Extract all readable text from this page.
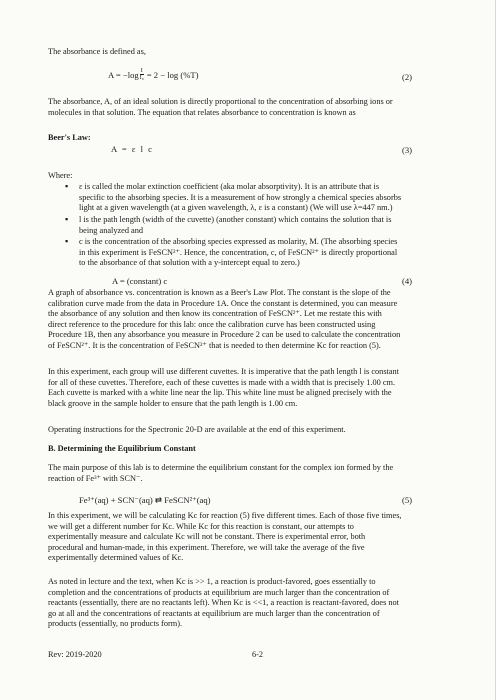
The absorbance is defined as,
$A = -\log \frac{I}{\text{I₀}} = 2 - \log (\%T)$	(2)

The absorbance, A, of an ideal solution is directly proportional to the concentration of absorbing ions or

molecules in that solution. The equation that relates absorbance to concentration is known as

Beer's Law:
A = ε l c	(3)
Where:
▪ ε is called the molar extinction coefficient (aka molar absorptivity). It is an attribute that is

specific to the absorbing species. It is a measurement of how strongly a chemical species absorbs

light at a given wavelength (at a given wavelength, λ, ε is a constant) (We will use λ=447 nm.)

▪ l is the path length (width of the cuvette) (another constant) which contains the solution that is

being analyzed and

▪ c is the concentration of the absorbing species expressed as molarity, M. (The absorbing species

in this experiment is FeSCN²⁺. Hence, the concentration, c, of FeSCN²⁺ is directly proportional

to the absorbance of that solution with a y-intercept equal to zero.)

A = (constant) c	(4)

A graph of absorbance vs. concentration is known as a Beer's Law Plot. The constant is the slope of the

calibration curve made from the data in Procedure 1A. Once the constant is determined, you can measure

the absorbance of any solution and then know its concentration of FeSCN²⁺. Let me restate this with

direct reference to the procedure for this lab: once the calibration curve has been constructed using

Procedure 1B, then any absorbance you measure in Procedure 2 can be used to calculate the concentration

of FeSCN²⁺. It is the concentration of FeSCN²⁺ that is needed to then determine Kc for reaction (5).

In this experiment, each group will use different cuvettes. It is imperative that the path length l is constant

for all of these cuvettes. Therefore, each of these cuvettes is made with a width that is precisely 1.00 cm.

Each cuvette is marked with a white line near the lip. This white line must be aligned precisely with the

black groove in the sample holder to ensure that the path length is 1.00 cm.

Operating instructions for the Spectronic 20-D are available at the end of this experiment.
B. Determining the Equilibrium Constant

The main purpose of this lab is to determine the equilibrium constant for the complex ion formed by the

reaction of Fe³⁺ with SCN⁻.

Fe³⁺(aq) + SCN⁻(aq) ⇄ FeSCN²⁺(aq)	(5)

In this experiment, we will be calculating Kc for reaction (5) five different times. Each of those five times,

we will get a different number for Kc. While Kc for this reaction is constant, our attempts to

experimentally measure and calculate Kc will not be constant. There is experimental error, both

procedural and human-made, in this experiment. Therefore, we will take the average of the five

experimentally determined values of Kc.

As noted in lecture and the text, when Kc is >> 1, a reaction is product-favored, goes essentially to

completion and the concentrations of products at equilibrium are much larger than the concentration of

reactants (essentially, there are no reactants left). When Kc is <<1, a reaction is reactant-favored, does not

go at all and the concentrations of reactants at equilibrium are much larger than the concentration of

products (essentially, no products form).

Rev: 2019-2020	6-2
